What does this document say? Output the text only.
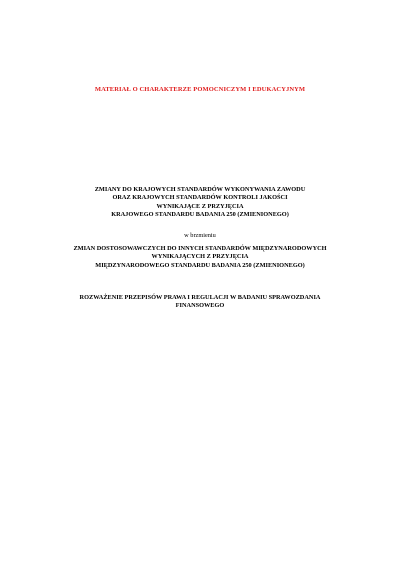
MATERIAŁ O CHARAKTERZE POMOCNICZYM I EDUKACYJNYM
ZMIANY DO KRAJOWYCH STANDARDÓW WYKONYWANIA ZAWODU
ORAZ KRAJOWYCH STANDARDÓW KONTROLI JAKOŚCI
WYNIKAJĄCE Z PRZYJĘCIA
KRAJOWEGO STANDARDU BADANIA 250 (ZMIENIONEGO)
w brzmieniu
ZMIAN DOSTOSOWAWCZYCH DO INNYCH STANDARDÓW MIĘDZYNARODOWYCH
WYNIKAJĄCYCH Z PRZYJĘCIA
MIĘDZYNARODOWEGO STANDARDU BADANIA 250 (ZMIENIONEGO)
ROZWAŻENIE PRZEPISÓW PRAWA I REGULACJI W BADANIU SPRAWOZDANIA
FINANSOWEGO
